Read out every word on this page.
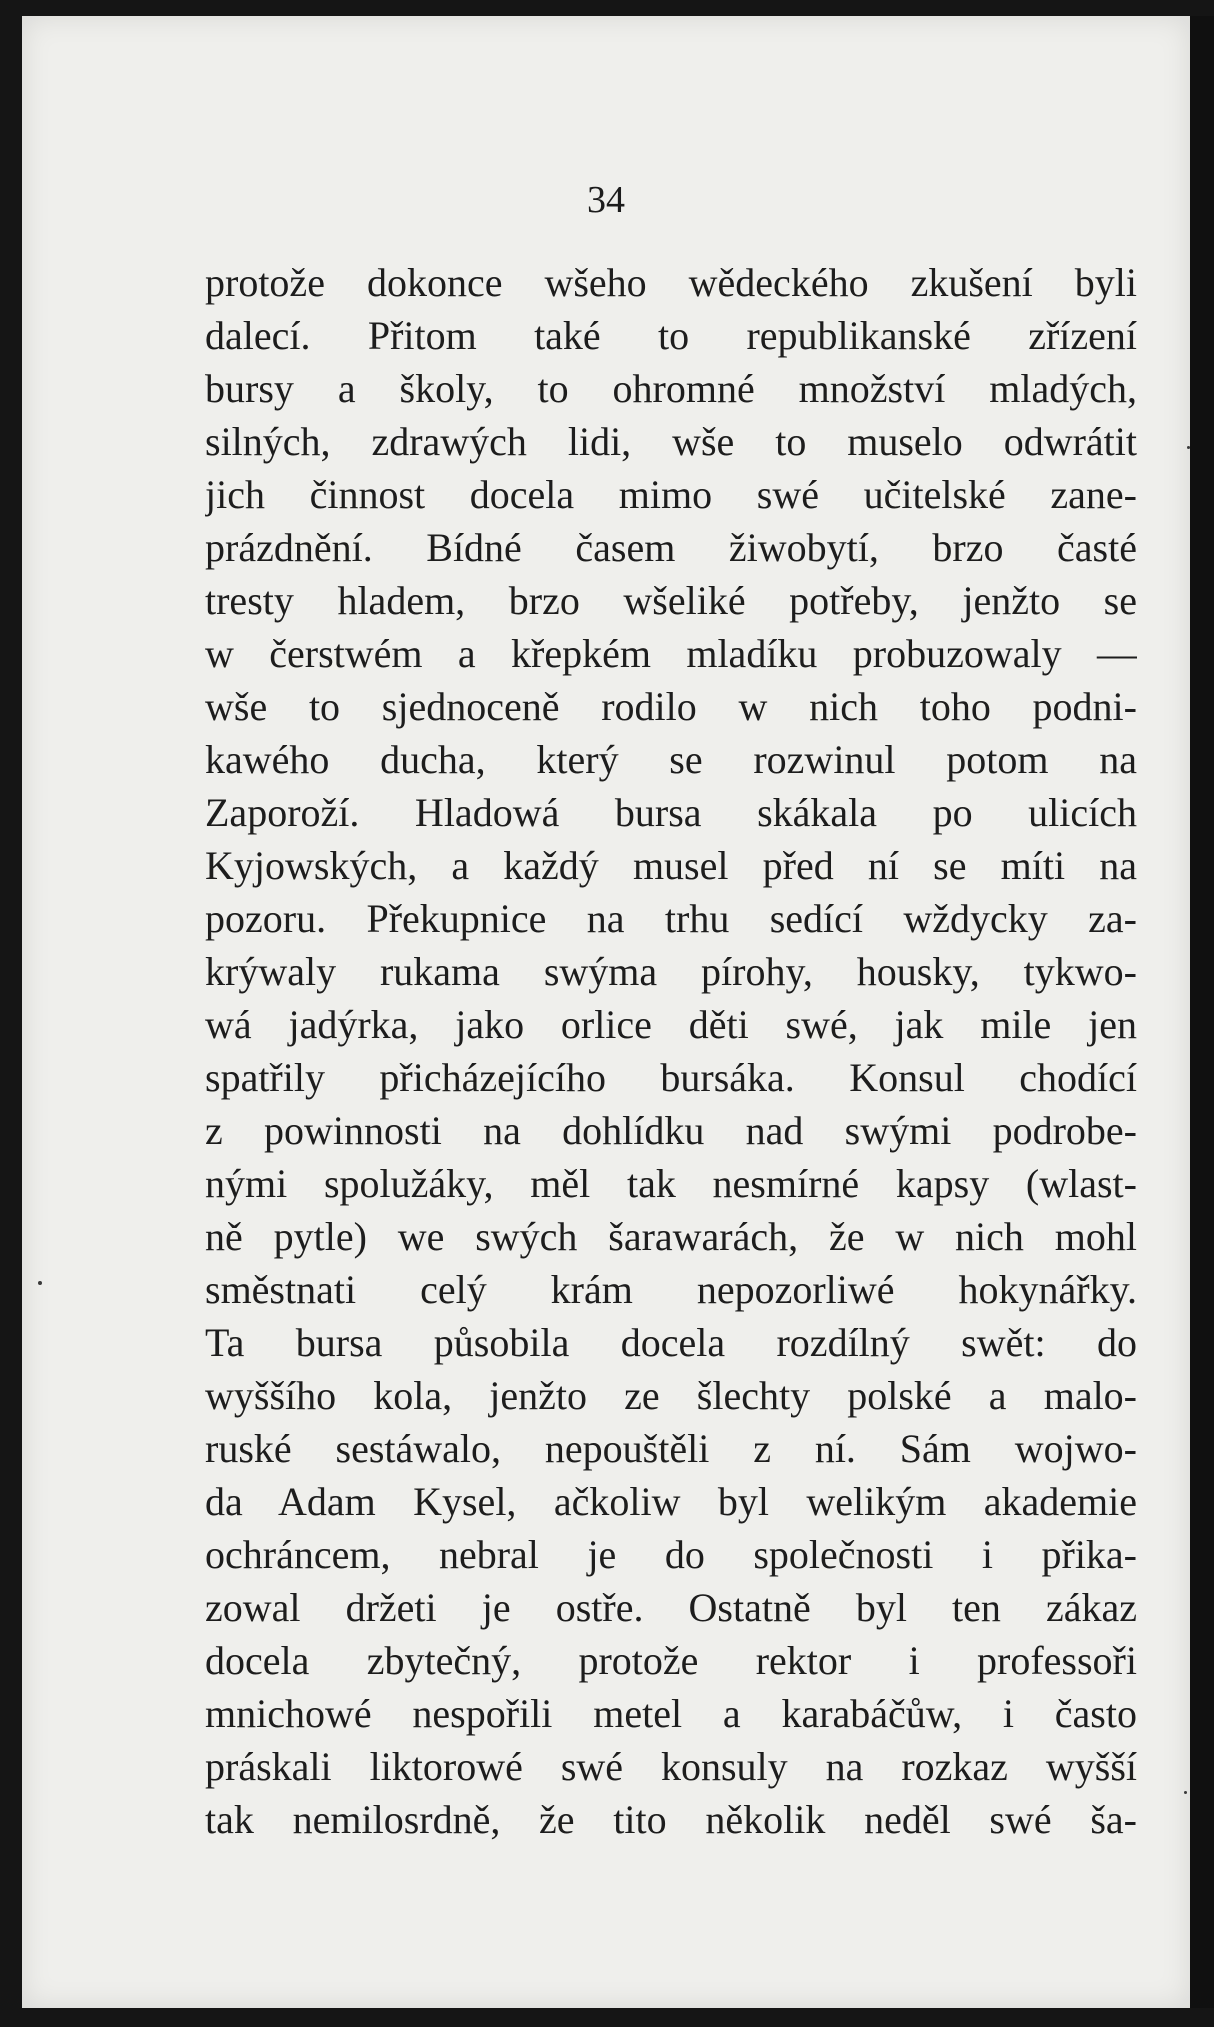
34
protože dokonce wšeho wědeckého zkušení byli
dalecí. Přitom také to republikanské zřízení
bursy a školy, to ohromné množství mladých,
silných, zdrawých lidi, wše to muselo odwrátit
jich činnost docela mimo swé učitelské zane-
prázdnění. Bídné časem žiwobytí, brzo časté
tresty hladem, brzo wšeliké potřeby, jenžto se
w čerstwém a křepkém mladíku probuzowaly —
wše to sjednoceně rodilo w nich toho podni-
kawého ducha, který se rozwinul potom na
Zaporoží. Hladowá bursa skákala po ulicích
Kyjowských, a každý musel před ní se míti na
pozoru. Překupnice na trhu sedící wždycky za-
krýwaly rukama swýma pírohy, housky, tykwo-
wá jadýrka, jako orlice děti swé, jak mile jen
spatřily přicházejícího bursáka. Konsul chodící
z powinnosti na dohlídku nad swými podrobe-
nými spolužáky, měl tak nesmírné kapsy (wlast-
ně pytle) we swých šarawarách, že w nich mohl
směstnati celý krám nepozorliwé hokynářky.
Ta bursa působila docela rozdílný swět: do
wyššího kola, jenžto ze šlechty polské a malo-
ruské sestáwalo, nepouštěli z ní. Sám wojwo-
da Adam Kysel, ačkoliw byl welikým akademie
ochráncem, nebral je do společnosti i přika-
zowal držeti je ostře. Ostatně byl ten zákaz
docela zbytečný, protože rektor i professoři
mnichowé nespořili metel a karabáčůw, i často
práskali liktorowé swé konsuly na rozkaz wyšší
tak nemilosrdně, že tito několik neděl swé ša-
